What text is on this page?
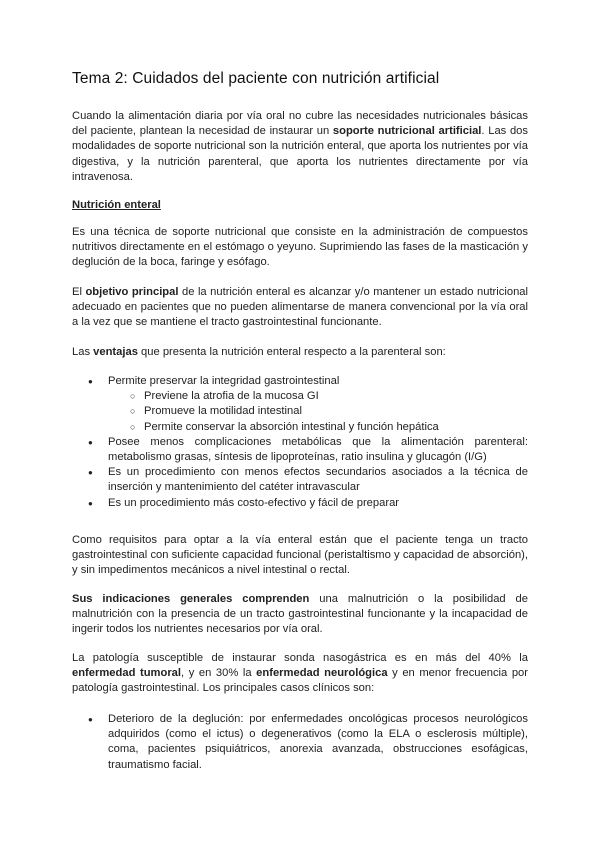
Tema 2: Cuidados del paciente con nutrición artificial

Cuando la alimentación diaria por vía oral no cubre las necesidades nutricionales básicas del paciente, plantean la necesidad de instaurar un soporte nutricional artificial. Las dos modalidades de soporte nutricional son la nutrición enteral, que aporta los nutrientes por vía digestiva, y la nutrición parenteral, que aporta los nutrientes directamente por vía intravenosa.

Nutrición enteral

Es una técnica de soporte nutricional que consiste en la administración de compuestos nutritivos directamente en el estómago o yeyuno. Suprimiendo las fases de la masticación y deglución de la boca, faringe y esófago.

El objetivo principal de la nutrición enteral es alcanzar y/o mantener un estado nutricional adecuado en pacientes que no pueden alimentarse de manera convencional por la vía oral a la vez que se mantiene el tracto gastrointestinal funcionante.

Las ventajas que presenta la nutrición enteral respecto a la parenteral son:

● Permite preservar la integridad gastrointestinal
○ Previene la atrofia de la mucosa GI
○ Promueve la motilidad intestinal
○ Permite conservar la absorción intestinal y función hepática
● Posee menos complicaciones metabólicas que la alimentación parenteral: metabolismo grasas, síntesis de lipoproteínas, ratio insulina y glucagón (I/G)
● Es un procedimiento con menos efectos secundarios asociados a la técnica de inserción y mantenimiento del catéter intravascular
● Es un procedimiento más costo-efectivo y fácil de preparar

Como requisitos para optar a la vía enteral están que el paciente tenga un tracto gastrointestinal con suficiente capacidad funcional (peristaltismo y capacidad de absorción), y sin impedimentos mecánicos a nivel intestinal o rectal.

Sus indicaciones generales comprenden una malnutrición o la posibilidad de malnutrición con la presencia de un tracto gastrointestinal funcionante y la incapacidad de ingerir todos los nutrientes necesarios por vía oral.

La patología susceptible de instaurar sonda nasogástrica es en más del 40% la enfermedad tumoral, y en 30% la enfermedad neurológica y en menor frecuencia por patología gastrointestinal. Los principales casos clínicos son:

● Deterioro de la deglución: por enfermedades oncológicas procesos neurológicos adquiridos (como el ictus) o degenerativos (como la ELA o esclerosis múltiple), coma, pacientes psiquiátricos, anorexia avanzada, obstrucciones esofágicas, traumatismo facial.
